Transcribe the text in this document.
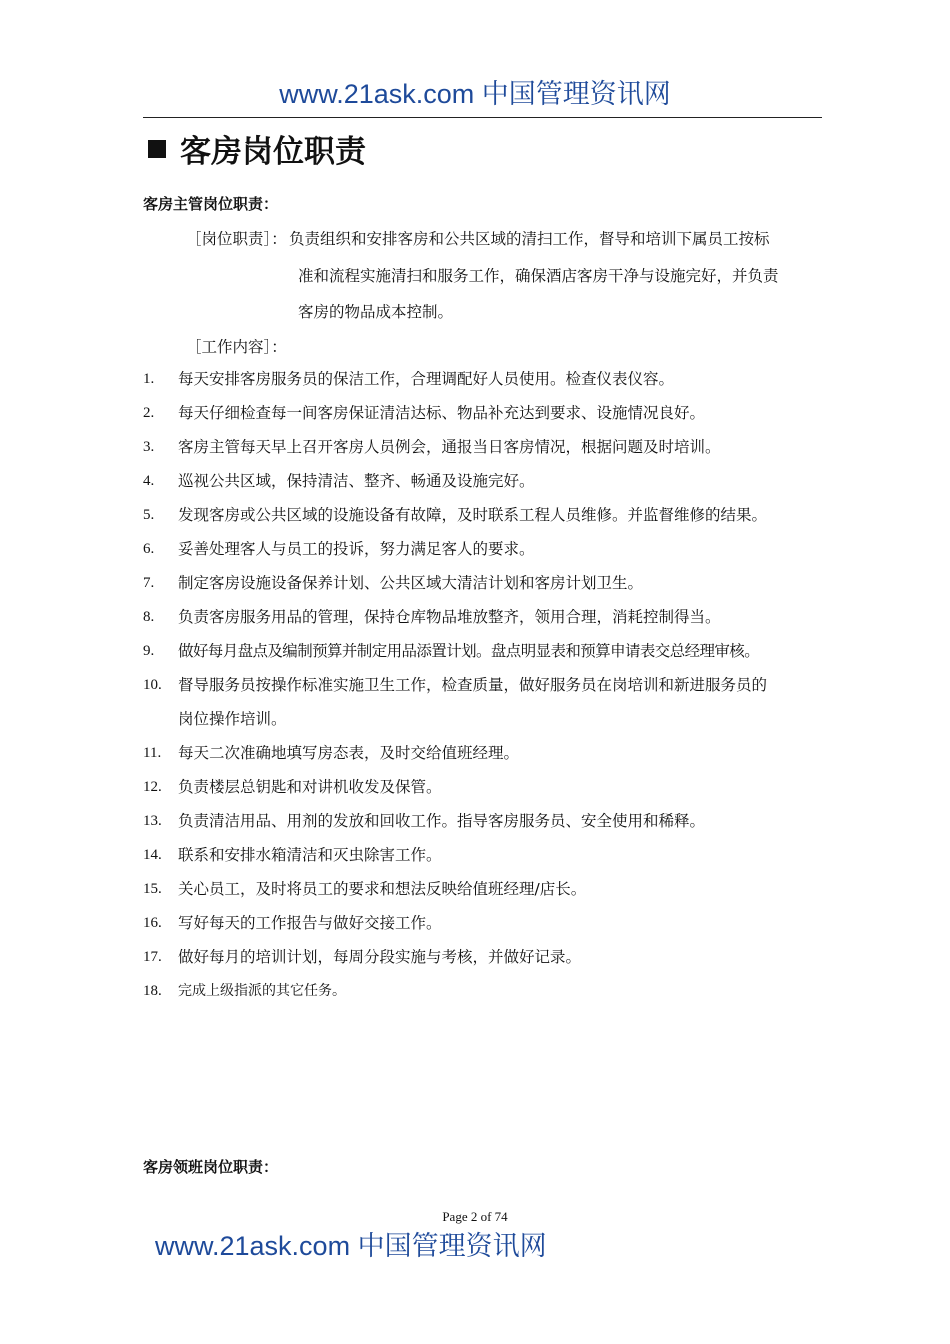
www.21ask.com 中国管理资讯网
客房岗位职责
客房主管岗位职责：
［岗位职责］： 负责组织和安排客房和公共区域的清扫工作，督导和培训下属员工按标
准和流程实施清扫和服务工作，确保酒店客房干净与设施完好，并负责
客房的物品成本控制。
［工作内容］：
1. 每天安排客房服务员的保洁工作，合理调配好人员使用。检查仪表仪容。
2. 每天仔细检查每一间客房保证清洁达标、物品补充达到要求、设施情况良好。
3. 客房主管每天早上召开客房人员例会，通报当日客房情况，根据问题及时培训。
4. 巡视公共区域，保持清洁、整齐、畅通及设施完好。
5. 发现客房或公共区域的设施设备有故障，及时联系工程人员维修。并监督维修的结果。
6. 妥善处理客人与员工的投诉，努力满足客人的要求。
7. 制定客房设施设备保养计划、公共区域大清洁计划和客房计划卫生。
8. 负责客房服务用品的管理，保持仓库物品堆放整齐，领用合理，消耗控制得当。
9. 做好每月盘点及编制预算并制定用品添置计划。盘点明显表和预算申请表交总经理审核。
10. 督导服务员按操作标准实施卫生工作，检查质量，做好服务员在岗培训和新进服务员的
岗位操作培训。
11. 每天二次准确地填写房态表，及时交给值班经理。
12. 负责楼层总钥匙和对讲机收发及保管。
13. 负责清洁用品、用剂的发放和回收工作。指导客房服务员、安全使用和稀释。
14. 联系和安排水箱清洁和灭虫除害工作。
15. 关心员工，及时将员工的要求和想法反映给值班经理/店长。
16. 写好每天的工作报告与做好交接工作。
17. 做好每月的培训计划，每周分段实施与考核，并做好记录。
18. 完成上级指派的其它任务。
客房领班岗位职责：
Page 2 of 74
www.21ask.com 中国管理资讯网
